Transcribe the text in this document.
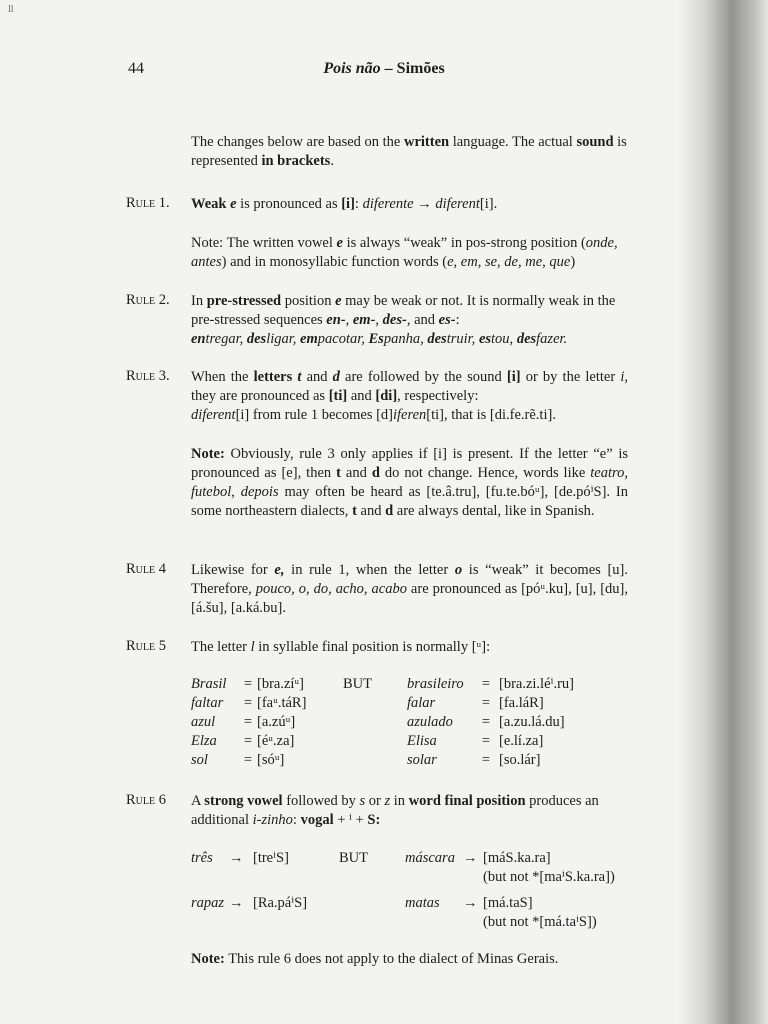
ll
44	Pois não – Simões
The changes below are based on the written language. The actual sound is represented in brackets.
Rule 1. Weak e is pronounced as [i]: diferente → diferent[i].
Note: The written vowel e is always “weak” in pos-strong position (onde, antes) and in monosyllabic function words (e, em, se, de, me, que)
Rule 2. In pre-stressed position e may be weak or not. It is normally weak in the pre-stressed sequences en-, em-, des-, and es-:
entregar, desligar, empacotar, Espanha, destruir, estou, desfazer.
Rule 3. When the letters t and d are followed by the sound [i] or by the letter i, they are pronounced as [ti] and [di], respectively:
diferent[i] from rule 1 becomes [d]iferen[ti], that is [di.fe.rẽ.ti].
Note: Obviously, rule 3 only applies if [i] is present. If the letter “e” is pronounced as [e], then t and d do not change. Hence, words like teatro, futebol, depois may often be heard as [te.â.tru], [fu.te.bóᵘ], [de.póⁱS]. In some northeastern dialects, t and d are always dental, like in Spanish.
Rule 4 Likewise for e, in rule 1, when the letter o is “weak” it becomes [u]. Therefore, pouco, o, do, acho, acabo are pronounced as [póᵘ.ku], [u], [du], [á.šu], [a.ká.bu].
Rule 5 The letter l in syllable final position is normally [ᵘ]:
Brasil	=	[bra.zíᵘ]	BUT	brasileiro	=	[bra.zi.léⁱ.ru]
faltar	=	[faᵘ.táR]		falar	=	[fa.láR]
azul	=	[a.zúᵘ]		azulado	=	[a.zu.lá.du]
Elza	=	[éᵘ.za]		Elisa	=	[e.lí.za]
sol	=	[sóᵘ]		solar	=	[so.lár]
Rule 6 A strong vowel followed by s or z in word final position produces an additional i-zinho: vogal + ⁱ + S:
três	→	[treⁱS]	BUT	máscara	→	[máS.ka.ra]
						(but not *[maⁱS.ka.ra])
rapaz	→	[Ra.páⁱS]		matas	→	[má.taS]
						(but not *[má.taⁱS])
Note: This rule 6 does not apply to the dialect of Minas Gerais.
